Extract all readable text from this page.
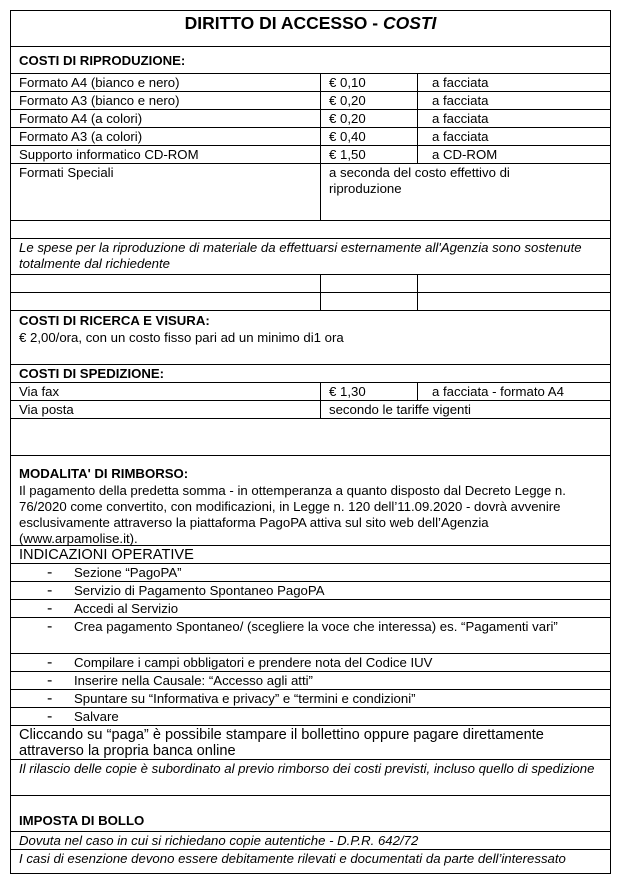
DIRITTO DI ACCESSO - COSTI
COSTI DI RIPRODUZIONE:
Formato A4 (bianco e nero)	€ 0,10	a facciata
Formato A3 (bianco e nero)	€ 0,20	a facciata
Formato A4 (a colori)	€ 0,20	a facciata
Formato A3 (a colori)	€ 0,40	a facciata
Supporto informatico CD-ROM	€ 1,50	a CD-ROM
Formati Speciali	a seconda del costo effettivo di riproduzione
Le spese per la riproduzione di materiale da effettuarsi esternamente all'Agenzia sono sostenute totalmente dal richiedente
COSTI DI RICERCA E VISURA:
€ 2,00/ora, con un costo fisso pari ad un minimo di1 ora
COSTI DI SPEDIZIONE:
Via fax	€ 1,30	a facciata - formato A4
Via posta	secondo le tariffe vigenti
MODALITA' DI RIMBORSO:
Il pagamento della predetta somma - in ottemperanza a quanto disposto dal Decreto Legge n. 76/2020 come convertito, con modificazioni, in Legge n. 120 dell’11.09.2020 - dovrà avvenire esclusivamente attraverso la piattaforma PagoPA attiva sul sito web dell’Agenzia (www.arpamolise.it).
INDICAZIONI OPERATIVE
- Sezione “PagoPA”
- Servizio di Pagamento Spontaneo PagoPA
- Accedi al Servizio
- Crea pagamento Spontaneo/ (scegliere la voce che interessa) es. “Pagamenti vari”
- Compilare i campi obbligatori e prendere nota del Codice IUV
- Inserire nella Causale: “Accesso agli atti”
- Spuntare su “Informativa e privacy” e “termini e condizioni”
- Salvare
Cliccando su “paga” è possibile stampare il bollettino oppure pagare direttamente attraverso la propria banca online
Il rilascio delle copie è subordinato al previo rimborso dei costi previsti, incluso quello di spedizione
IMPOSTA DI BOLLO
Dovuta nel caso in cui si richiedano copie autentiche - D.P.R. 642/72
I casi di esenzione devono essere debitamente rilevati e documentati da parte dell’interessato
